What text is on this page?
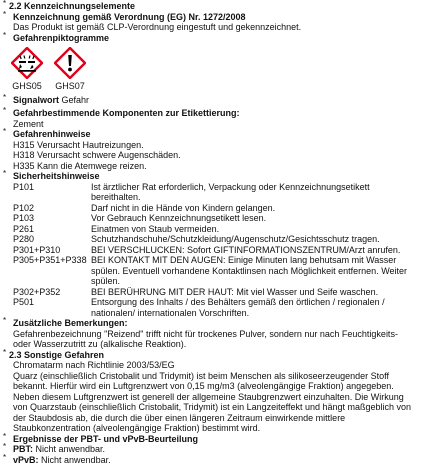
* 2.2 Kennzeichnungselemente
* Kennzeichnung gemäß Verordnung (EG) Nr. 1272/2008
Das Produkt ist gemäß CLP-Verordnung eingestuft und gekennzeichnet.
* Gefahrenpiktogramme
GHS05 GHS07
* Signalwort Gefahr
* Gefahrbestimmende Komponenten zur Etikettierung:
Zement
* Gefahrenhinweise
H315 Verursacht Hautreizungen.
H318 Verursacht schwere Augenschäden.
H335 Kann die Atemwege reizen.
* Sicherheitshinweise
P101	Ist ärztlicher Rat erforderlich, Verpackung oder Kennzeichnungsetikett bereithalten.
P102	Darf nicht in die Hände von Kindern gelangen.
P103	Vor Gebrauch Kennzeichnungsetikett lesen.
P261	Einatmen von Staub vermeiden.
P280	Schutzhandschuhe/Schutzkleidung/Augenschutz/Gesichtsschutz tragen.
P301+P310	BEI VERSCHLUCKEN: Sofort GIFTINFORMATIONSZENTRUM/Arzt anrufen.
P305+P351+P338 BEI KONTAKT MIT DEN AUGEN: Einige Minuten lang behutsam mit Wasser spülen. Eventuell vorhandene Kontaktlinsen nach Möglichkeit entfernen. Weiter spülen.
P302+P352	BEI BERÜHRUNG MIT DER HAUT: Mit viel Wasser und Seife waschen.
P501	Entsorgung des Inhalts / des Behälters gemäß den örtlichen / regionalen / nationalen/ internationalen Vorschriften.
* Zusätzliche Bemerkungen:
Gefahrenbezeichnung "Reizend" trifft nicht für trockenes Pulver, sondern nur nach Feuchtigkeits- oder Wasserzutritt zu (alkalische Reaktion).
* 2.3 Sonstige Gefahren
Chromatarm nach Richtlinie 2003/53/EG
Quarz (einschließlich Cristobalit und Tridymit) ist beim Menschen als silikoseerzeugender Stoff bekannt. Hierfür wird ein Luftgrenzwert von 0,15 mg/m3 (alveolengängige Fraktion) angegeben. Neben diesem Luftgrenzwert ist generell der allgemeine Staubgrenzwert einzuhalten. Die Wirkung von Quarzstaub (einschließlich Cristobalit, Tridymit) ist ein Langzeiteffekt und hängt maßgeblich von der Staubdosis ab, die durch die über einen längeren Zeitraum einwirkende mittlere Staubkonzentration (alveolengängige Fraktion) bestimmt wird.
* Ergebnisse der PBT- und vPvB-Beurteilung
* PBT: Nicht anwendbar.
* vPvB: Nicht anwendbar.
